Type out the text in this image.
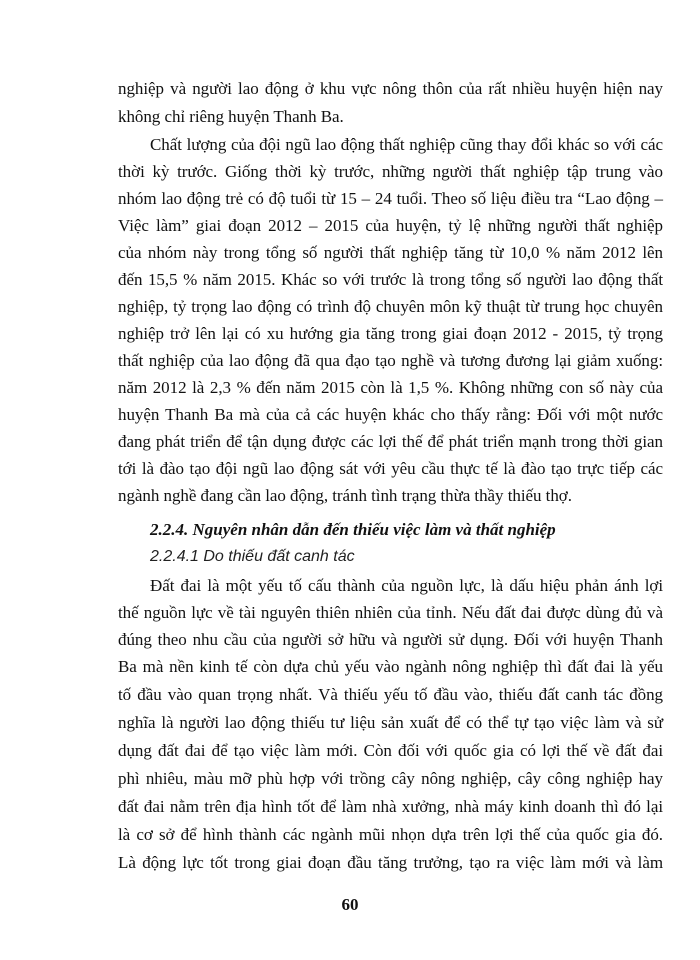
nghiệp và người lao động ở khu vực nông thôn của rất nhiều huyện hiện nay
không chỉ riêng huyện Thanh Ba.
Chất lượng của đội ngũ lao động thất nghiệp cũng thay đổi khác so với các
thời kỳ trước. Giống thời kỳ trước, những người thất nghiệp tập trung vào
nhóm lao động trẻ có độ tuổi từ 15 – 24 tuổi. Theo số liệu điều tra “Lao động –
Việc làm” giai đoạn 2012 – 2015 của huyện, tỷ lệ những người thất nghiệp
của nhóm này trong tổng số người thất nghiệp tăng từ 10,0 % năm 2012 lên
đến 15,5 % năm 2015. Khác so với trước là trong tổng số người lao động thất
nghiệp, tỷ trọng lao động có trình độ chuyên môn kỹ thuật từ trung học chuyên
nghiệp trở lên lại có xu hướng gia tăng trong giai đoạn 2012 - 2015, tỷ trọng
thất nghiệp của lao động đã qua đạo tạo nghề và tương đương lại giảm xuống:
năm 2012 là 2,3 % đến năm 2015 còn là 1,5 %. Không những con số này của
huyện Thanh Ba mà của cả các huyện khác cho thấy rằng: Đối với một nước
đang phát triển để tận dụng được các lợi thế để phát triển mạnh trong thời gian
tới là đào tạo đội ngũ lao động sát với yêu cầu thực tế là đào tạo trực tiếp các
ngành nghề đang cần lao động, tránh tình trạng thừa thầy thiếu thợ.
2.2.4. Nguyên nhân dẫn đến thiếu việc làm và thất nghiệp
2.2.4.1 Do thiếu đất canh tác
Đất đai là một yếu tố cấu thành của nguồn lực, là dấu hiệu phản ánh lợi
thế nguồn lực về tài nguyên thiên nhiên của tỉnh. Nếu đất đai được dùng đủ và
đúng theo nhu cầu của người sở hữu và người sử dụng. Đối với huyện Thanh
Ba mà nền kinh tế còn dựa chủ yếu vào ngành nông nghiệp thì đất đai là yếu
tố đầu vào quan trọng nhất. Và thiếu yếu tố đầu vào, thiếu đất canh tác đồng
nghĩa là người lao động thiếu tư liệu sản xuất để có thể tự tạo việc làm và sử
dụng đất đai để tạo việc làm mới. Còn đối với quốc gia có lợi thế về đất đai
phì nhiêu, màu mỡ phù hợp với trồng cây nông nghiệp, cây công nghiệp hay
đất đai nằm trên địa hình tốt để làm nhà xưởng, nhà máy kinh doanh thì đó lại
là cơ sở để hình thành các ngành mũi nhọn dựa trên lợi thế của quốc gia đó.
Là động lực tốt trong giai đoạn đầu tăng trưởng, tạo ra việc làm mới và làm
60
